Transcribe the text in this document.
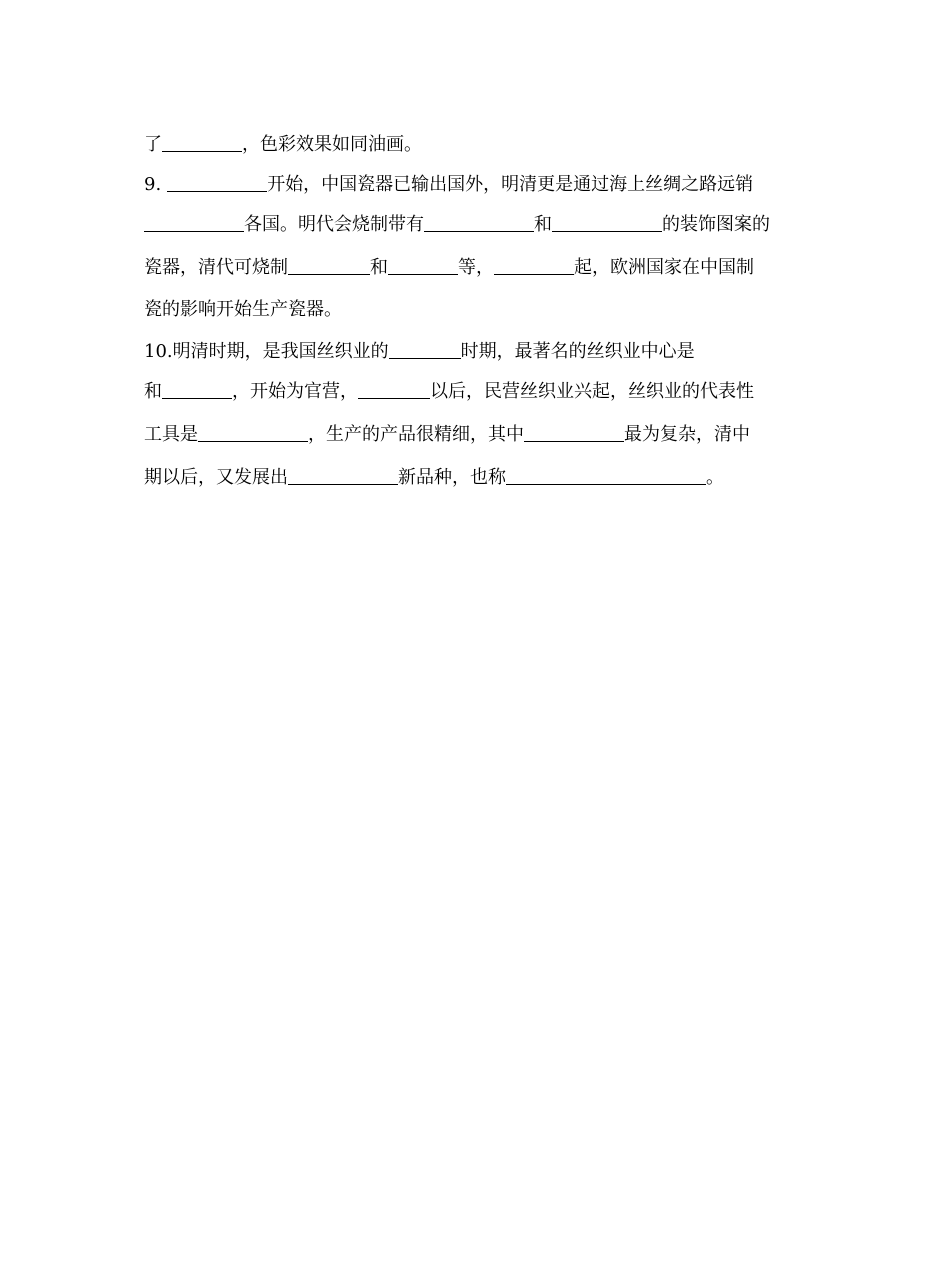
了	，色彩效果如同油画。
9.	开始，中国瓷器已输出国外，明清更是通过海上丝绸之路远销
各国。明代会烧制带有	和	的装饰图案的
瓷器，清代可烧制	和	等，	起，欧洲国家在中国制
瓷的影响开始生产瓷器。
10.明清时期，是我国丝织业的	时期，最著名的丝织业中心是
和	，开始为官营，	以后，民营丝织业兴起，丝织业的代表性
工具是	，生产的产品很精细，其中	最为复杂，清中
期以后，又发展出	新品种，也称	。
